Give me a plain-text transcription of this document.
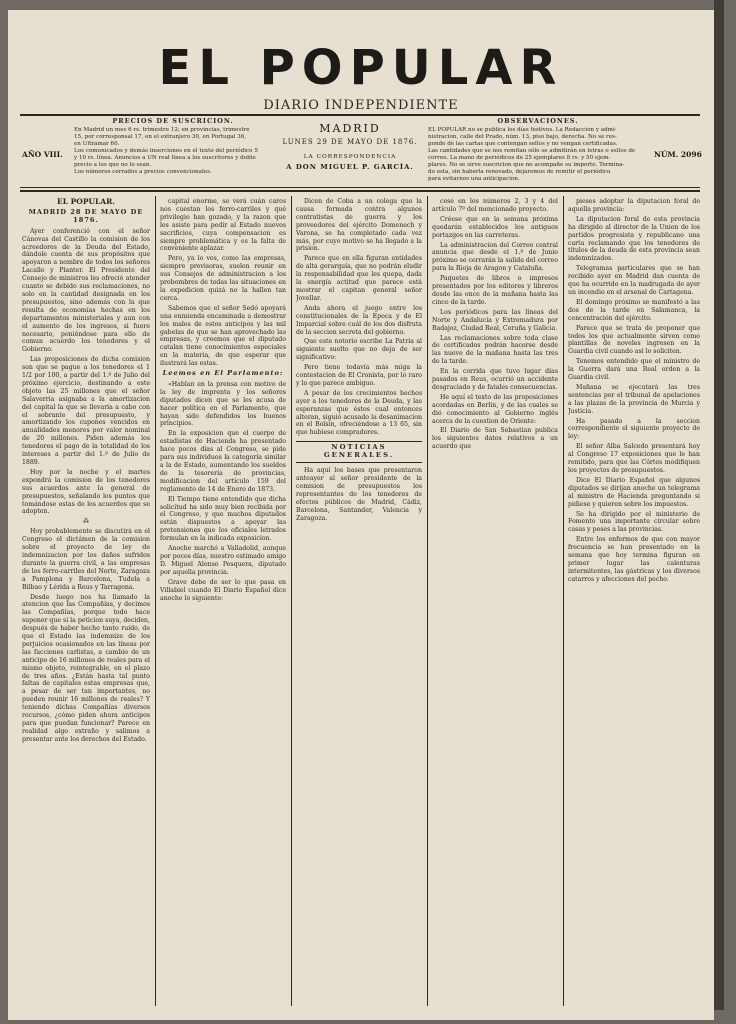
EL POPULAR
DIARIO INDEPENDIENTE
AÑO VIII.
PRECIOS DE SUSCRICION.

En Madrid un mes 6 rs. trimestre 12; en provincias, trimestre

15, por corresponsal 17, en el extranjero 30, en Portugal 36,

en Ultramar 60.

Los comunicados y demás inserciones en el texto del periódico 5

y 10 rs. línea. Anuncios a UN real línea a los suscritores y doble

precio a los que no lo sean.

Los números cerrados a precios convencionales.

MADRID
LUNES 29 DE MAYO DE 1876.
LA CORRESPONDENCIA
A DON MIGUEL P. GARCÍA.
OBSERVACIONES.

EL POPULAR no se publica los días festivos. La Redaccion y admi-

nistracion, calle del Prado, núm. 13, piso bajo, derecha. No se res-

ponde de las cartas que contengan sellos y no vengan certificadas.

Las cantidades que se nos remitan sólo se admitirán en letras o sellos de

correo. La mano de periódicos de 25 ejemplares 8 rs. y 50 ejem-

plares. No se sirve suscricion que no acompañe su importe. Termina-

do esta, sin haberla renovado, dejaremos de remitir el periódico

para evitarnos una anticipacion.

NÚM. 2096
EL POPULAR.
MADRID 28 DE MAYO DE 1876.

Ayer conferenció con el señor Cánovas del Castillo la comision de los acreedores de la Deuda del Estado, dándole cuenta de sus propósitos que apoyaron a nombre de todos los señores Lacalle y Planter. El Presidente del Consejo de ministros les ofreció atender cuanto se debido sus reclamaciones, no solo en la cantidad designada en los presupuestos, sino además con la que resulta de economías hechas en los departamentos ministeriales y aun con el aumento de los ingresos, si fuere necesario, poniéndose para ello de comun acuerdo los tenedores y el Gobierno.

Las proposiciones de dicha comision son que se pague a los tenedores el 1 1/2 por 100, a partir del 1.º de Julio del próximo ejercicio, destinando a este objeto las 25 millones que el señor Salaverria asignaba a la amortizacion del capital la que se llevaria a cabo con el sobrante del presupuesto, y amortizando los cupones vencidos en anualidades menores por valor nominal de 20 millones. Piden además los tenedores el pago de la totalidad de los intereses a partir del 1.º de Julio de 1889.

Hoy por la noche y el martes expondrá la comision de los tenedores sus acuerdos ante la general de presupuestos, señalando los puntos que tomándose estas de los acuerdos que se adopten.

⁂

Hoy probablemente se discutirá en el Congreso el dictámen de la comision sobre el proyecto de ley de indemnizacion por los daños sufridos durante la guerra civil, a las empresas de los ferro-carriles del Norte, Zaragoza a Pamplona y Barcelona, Tudela a Bilbao y Lérida a Reus y Tarragona.

Desde luego nos ha llamado la atencion que las Compañías, y decimos las Compañías, porque todo hace suponer que si la peticion suya, deciden, después de haber hecho tanto ruido, de que el Estado las indemnize de los perjuicios ocasionados en las líneas por las facciones carlistas, a cambio de un anticipo de 16 millones de reales para el mismo objeto, reintegrable, en el plazo de tres años. ¿Están hasta tal punto faltas de capitales estas empresas que, a pesar de ser tan importantes, no pueden reunir 16 millones de reales? Y teniendo dichas Compañías diversos recursos, ¿cómo piden ahora anticipos para que puedan funcionar? Parece en realidad algo extraño y salimos a presentar ante los derechos del Estado.

capital enorme, se verá cuán caros nos cuestan los ferro-carriles y qué privilegio han gozado, y la razon que les asiste para pedir al Estado nuevos sacrificios, cuya compensacion es siempre problemática y es la falta de conveniente aplazar.

Pero, ya lo ves, como las empresas, siempre previsoras, suelen reunir en sus Consejos de administracion a los probombres de todas las situaciones en la expedicion quizá no la hallen tan cerca.

Sabemos que el señor Sedó apoyará una enmienda encaminada a demostrar los males de estos anticipos y las mil gabelas de que se han aprovechado las empresas, y creemos que el diputado catalan tiene conocimientos especiales en la materia, de que esperar que ilustrará las estas.

Leemos en El Parlamento:

«Hablan en la prensa con motivo de la ley de imprenta y los señores diputados dicen que se les acusa de hacer política en el Parlamento, que hayan sido defendidos los buenos principios.

En la exposicion que el cuerpo de estadistas de Hacienda ha presentado hace pocos días al Congreso, se pide para sus individuos la categoría similar a la de Estado, aumentando los sueldos de la tesorería de provincias, modificacion del artículo 159 del reglamento de 14 de Enero de 1873.

El Tiempo tiene entendido que dicha solicitud ha sido muy bien recibida por el Congreso, y que muchos diputados están dispuestos a apoyar las pretensiones que los oficiales letrados formulan en la indicada exposicion.

Anoche marchó a Valladolid, aunque por pocos días, nuestro estimado amigo D. Miguel Alonso Pesquera, diputado por aquella provincia.

Grave debe de ser lo que pasa en Villabiel cuando El Diario Español dice anoche lo siguiente:

Dicen de Coba a un colega que la causa formada contra algunos contratistas de guerra y los proveedores del ejército Domenech y Varona, se ha completado cada vez más, por cuyo motivo se ha llegado a la prision.

Parece que en ella figuran entidades de alta gerarquía, que no podrán eludir la responsabilidad que les quepa, dada la energía actitud que parece está mostrar el capitan general señor Jovellar.

Anda ahora el juego entre los constitucionales de la Epoca y de El Imparcial sobre cuál de los dos disfruta de la seccion secreta del gobierno.

Que este notorio escribe La Patria al siguiente suelto que no deja de ser significativo:

Pero tiene todavía más miga la contestacion de El Cronista, por lo raro y lo que parece ambiguo.

A pesar de los crecimientos hechos ayer a los tenedores de la Deuda, y las esperanzas que éstos cual entonces alteran, siguió acusado la desanimacion en el Bolsin, ofreciéndose a 13 65, sin que hubiese compradores.

NOTICIAS GENERALES.

Ha aquí los bases que presentaron anteayer al señor presidente de la comision de presupuestos los representantes de los tenedores de efectos públicos de Madrid, Cádiz, Barcelona, Santander, Valencia y Zaragoza.

cese en los números 2, 3 y 4 del artículo 7º del mencionado proyecto.

Créese que en la semana próxima quedarán establecidos los antiguos portazgos en las carreteras.

La administracion del Correo central anuncia que desde el 1.º de Junio próximo se cerrarán la salida del correo para la Rioja de Aragon y Cataluña.

Paquetes de libros o impresos presentados por los editores y libreros desde las once de la mañana hasta las cinco de la tarde.

Los periódicos para las líneas del Norte y Andalucía y Extremadura por Badajoz, Ciudad Real, Coruña y Galicia.

Las reclamaciones sobre toda clase de certificados podrán hacerse desde las nueve de la mañana hasta las tres de la tarde.

En la corrida que tuvo lugar días pasados en Reus, ocurrió un accidente desgraciado y de fatales consecuencias.

He aquí el texto de las proposiciones acordadas en Berlin, y de las cuales se dió conocimiento al Gobierno inglés acerca de la cuestion de Oriente:

El Diario de San Sebastian publica los siguientes datos relativos a un acuerdo que

pieses adoptar la diputacion foral de aquella provincia:

La diputacion foral de esta provincia ha dirigido al director de la Union de los partidos progresista y republicano una carta reclamando que los tenedores de títulos de la deuda de esta provincia sean indemnizados.

Telegramas particulares que se han recibido ayer en Madrid dan cuenta de que ha ocurrido en la madrugada de ayer un incendio en el arsenal de Cartagena.

El domingo próximo se manifestó a las dos de la tarde en Salamanca, la concentración del ejército.

Parece que se trata de proponer que todos los que actualmente sirven como plantillas de noveles ingresen en la Guardia civil cuando así lo soliciten.

Tenemos entendido que el ministro de la Guerra dará una Real orden a la Guardia civil.

Mañana se ejecutará las tres sentencias por el tribunal de apelaciones a las plazas de la provincia de Murcia y Justicia.

Ha pasado a la seccion correspondiente el siguiente proyecto de ley:

El señor Alba Salcedo presentará hoy al Congreso 17 exposiciones que le han remitido, para que las Córtes modifiquen los proyectos de presupuestos.

Dice El Diario Español que algunos diputados se dirijan anoche un telegrama al ministro de Hacienda preguntando si pidiese y quieren sobre los impuestos.

Se ha dirigido por el ministerio de Fomento una importante circular sobre casas y peses a las provincias.

Entre los enfermos de que con mayor frecuencia se han presentado en la semana que hoy termina figuran en primer lugar las calenturas intermitentes, las gástricas y los diversos catarros y afecciones del pecho.
